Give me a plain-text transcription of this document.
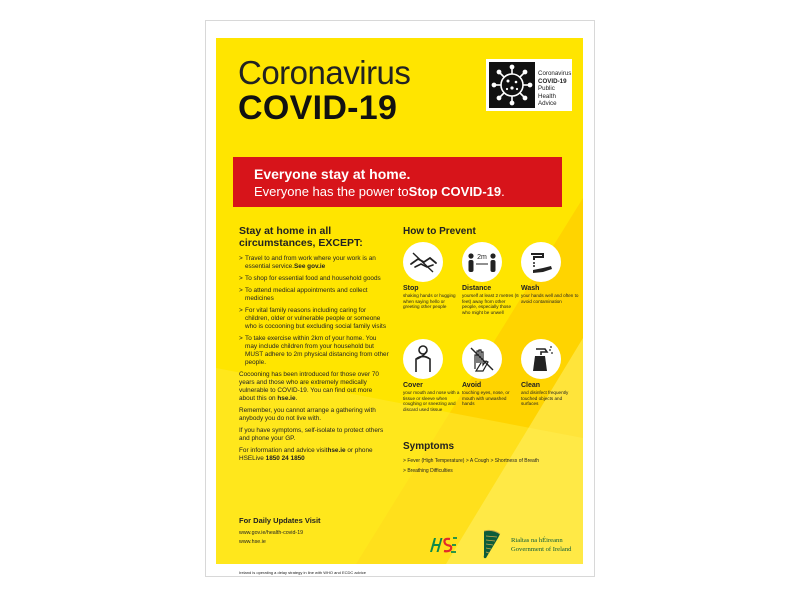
Coronavirus
COVID-19
Coronavirus
COVID-19
Public Health
Advice
Everyone stay at home.
Everyone has the power toStop COVID-19.
Stay at home in all
circumstances, EXCEPT:
> Travel to and from work where your work is an essential service.See gov.ie
> To shop for essential food and household goods
> To attend medical appointments and collect medicines
> For vital family reasons including caring for children, older or vulnerable people or someone who is cocooning but excluding social family visits
> To take exercise within 2km of your home. You may include children from your household but MUST adhere to 2m physical distancing from other people.

Cocooning has been introduced for those over 70 years and those who are extremely medically vulnerable to COVID-19. You can find out more about this on hse.ie.

Remember, you cannot arrange a gathering with anybody you do not live with.

If you have symptoms, self-isolate to protect others and phone your GP.

For information and advice visithse.ie or phone HSELive 1850 24 1850

For Daily Updates Visit
www.gov.ie/health-covid-19
www.hse.ie
Ireland is operating a delay strategy in line with WHO and ECDC advice
How to Prevent
Stop
shaking hands or hugging when saying hello or greeting other people
2m
Distance
yourself at least 2 metres (6 feet) away from other people, especially those who might be unwell
Wash
your hands well and often to avoid contamination
Cover
your mouth and nose with a tissue or sleeve when coughing or sneezing and discard used tissue
Avoid
touching eyes, nose, or mouth with unwashed hands
Clean
and disinfect frequently touched objects and surfaces
Symptoms
> Fever (High Temperature) > A Cough > Shortness of Breath
> Breathing Difficulties
Rialtas na hÉireann
Government of Ireland
